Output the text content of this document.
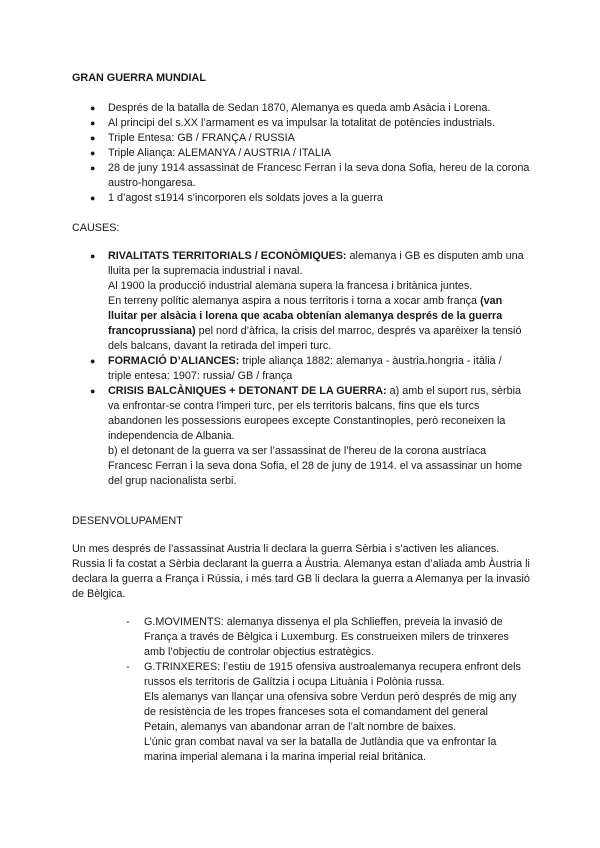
GRAN GUERRA MUNDIAL
● Després de la batalla de Sedan 1870, Alemanya es queda amb Asàcia i Lorena.
● Al principi del s.XX l’armament es va impulsar la totalitat de potències industrials.
● Triple Entesa: GB / FRANÇA / RUSSIA
● Triple Aliança: ALEMANYA / AUSTRIA / ITALIA
● 28 de juny 1914 assassinat de Francesc Ferran i la seva dona Sofia, hereu de la corona austro-hongaresa.
● 1 d’agost s1914 s’incorporen els soldats joves a la guerra
CAUSES:
● RIVALITATS TERRITORIALS / ECONÒMIQUES: alemanya i GB es disputen amb una lluita per la supremacia industrial i naval.

Al 1900 la producció industrial alemana supera la francesa i britànica juntes.

En terreny polític alemanya aspira a nous territoris i torna a xocar amb frança (van lluitar per alsàcia i lorena que acaba obtenían alemanya després de la guerra francoprussiana) pel nord d’àfrica, la crisis del marroc, després va aparèixer la tensió dels balcans, davant la retirada del imperi turc.

● FORMACIÓ D’ALIANCES: triple aliança 1882: alemanya - àustria.hongria - itàlia / triple entesa: 1907: russia/ GB / frança

● CRISIS BALCÀNIQUES + DETONANT DE LA GUERRA: a) amb el suport rus, sèrbia va enfrontar-se contra l’imperi turc, per els territoris balcans, fins que els turcs abandonen les possessions europees excepte Constantinoples, però reconeixen la independencia de Albania.

b) el detonant de la guerra va ser l’assassinat de l’hereu de la corona austríaca Francesc Ferran i la seva dona Sofia, el 28 de juny de 1914. el va assassinar un home del grup nacionalista serbi.

DESENVOLUPAMENT

Un mes després de l’assassinat Austria li declara la guerra Sèrbia i s’activen les aliances. Russia li fa costat a Sèrbia declarant la guerra a Àustria. Alemanya estan d’aliada amb Àustria li declara la guerra a França i Rússia, i més tard GB li declara la guerra a Alemanya per la invasió de Bèlgica.

- G.MOVIMENTS: alemanya dissenya el pla Schlieffen, preveia la invasió de França a través de Bèlgica i Luxemburg. Es construeixen milers de trinxeres amb l’objectiu de controlar objectius estratègics.

- G.TRINXERES: l’estiu de 1915 ofensiva austroalemanya recupera enfront dels russos els territoris de Galítzia i ocupa Lituània i Polònia russa.

Els alemanys van llançar una ofensiva sobre Verdun però després de mig any de resistència de les tropes franceses sota el comandament del general Petain, alemanys van abandonar arran de l’alt nombre de baixes.

L’únic gran combat naval va ser la batalla de Jutlàndia que va enfrontar la marina imperial alemana i la marina imperial reial britànica.
